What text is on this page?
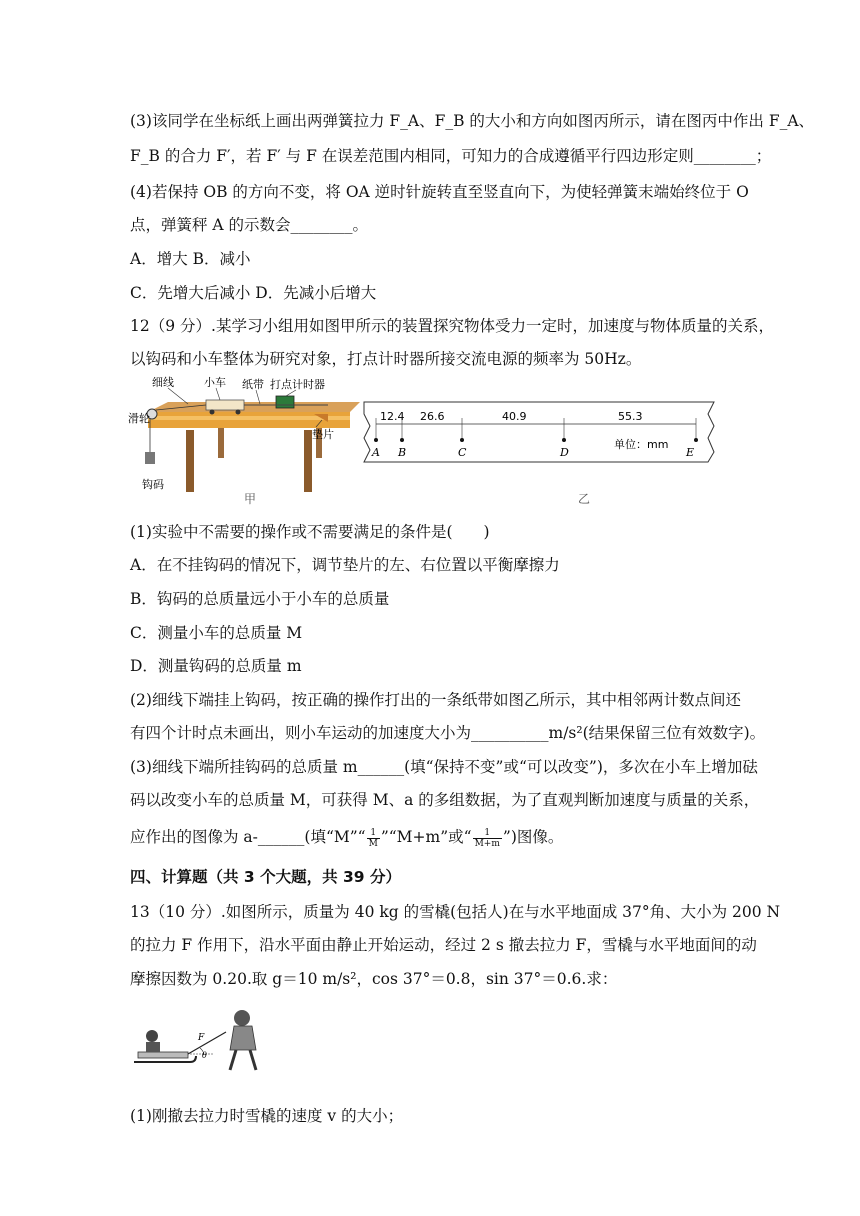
(3)该同学在坐标纸上画出两弹簧拉力 F_A、F_B 的大小和方向如图丙所示，请在图丙中作出 F_A、
F_B 的合力 F′，若 F′ 与 F 在误差范围内相同，可知力的合成遵循平行四边形定则________；
(4)若保持 OB 的方向不变，将 OA 逆时针旋转直至竖直向下，为使轻弹簧末端始终位于 O
点，弹簧秤 A 的示数会________。
A．增大 B．减小
C．先增大后减小 D．先减小后增大
12（9 分）.某学习小组用如图甲所示的装置探究物体受力一定时，加速度与物体质量的关系，
以钩码和小车整体为研究对象，打点计时器所接交流电源的频率为 50Hz。
细线	小车 纸带 打点计时器
滑轮
垫片
钩码
甲
12.4 26.6	40.9	55.3
A B	C	D	E
单位：mm
乙
(1)实验中不需要的操作或不需要满足的条件是(　　)
A．在不挂钩码的情况下，调节垫片的左、右位置以平衡摩擦力
B．钩码的总质量远小于小车的总质量
C．测量小车的总质量 M
D．测量钩码的总质量 m
(2)细线下端挂上钩码，按正确的操作打出的一条纸带如图乙所示，其中相邻两计数点间还
有四个计时点未画出，则小车运动的加速度大小为__________m/s²(结果保留三位有效数字)。
(3)细线下端所挂钩码的总质量 m______(填“保持不变”或“可以改变”)，多次在小车上增加砝
码以改变小车的总质量 M，可获得 M、a 的多组数据，为了直观判断加速度与质量的关系，
应作出的图像为 a-______(填“M”“ $\frac{1}{M}$ ”“M+m”或“ $\frac{1}{M+m}$ ”)图像。
四、计算题（共 3 个大题，共 39 分）
13（10 分）.如图所示，质量为 40 kg 的雪橇(包括人)在与水平地面成 37°角、大小为 200 N
的拉力 F 作用下，沿水平面由静止开始运动，经过 2 s 撤去拉力 F，雪橇与水平地面间的动
摩擦因数为 0.20.取 g＝10 m/s²，cos 37°＝0.8，sin 37°＝0.6.求：
F
θ
(1)刚撤去拉力时雪橇的速度 v 的大小；
